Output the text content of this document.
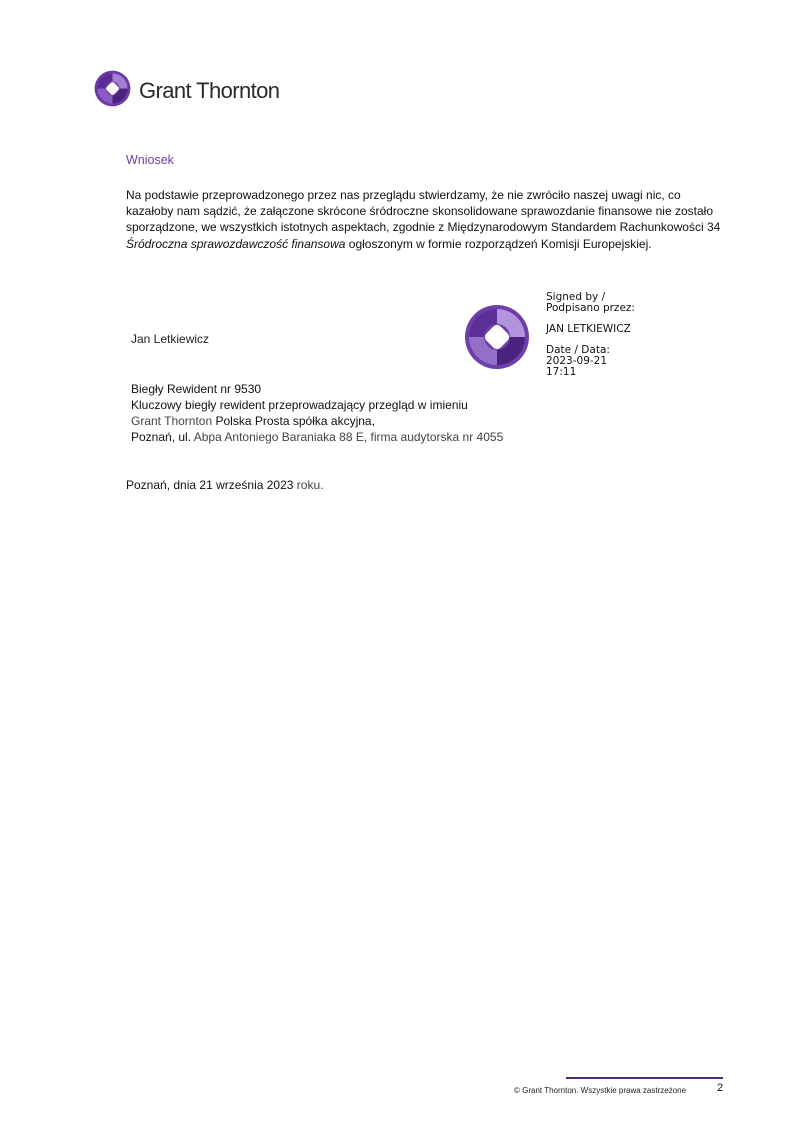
Grant Thornton
Wniosek
Na podstawie przeprowadzonego przez nas przeglądu stwierdzamy, że nie zwróciło naszej uwagi nic, co kazałoby nam sądzić, że załączone skrócone śródroczne skonsolidowane sprawozdanie finansowe nie zostało sporządzone, we wszystkich istotnych aspektach, zgodnie z Międzynarodowym Standardem Rachunkowości 34 Śródroczna sprawozdawczość finansowa ogłoszonym w formie rozporządzeń Komisji Europejskiej.
Jan Letkiewicz
Signed by /
Podpisano przez:
JAN LETKIEWICZ
Date / Data:
2023-09-21
17:11
Biegły Rewident nr 9530
Kluczowy biegły rewident przeprowadzający przegląd w imieniu
Grant Thornton Polska Prosta spółka akcyjna,
Poznań, ul. Abpa Antoniego Baraniaka 88 E, firma audytorska nr 4055
Poznań, dnia 21 września 2023 roku.
© Grant Thornton. Wszystkie prawa zastrzeżone	2
